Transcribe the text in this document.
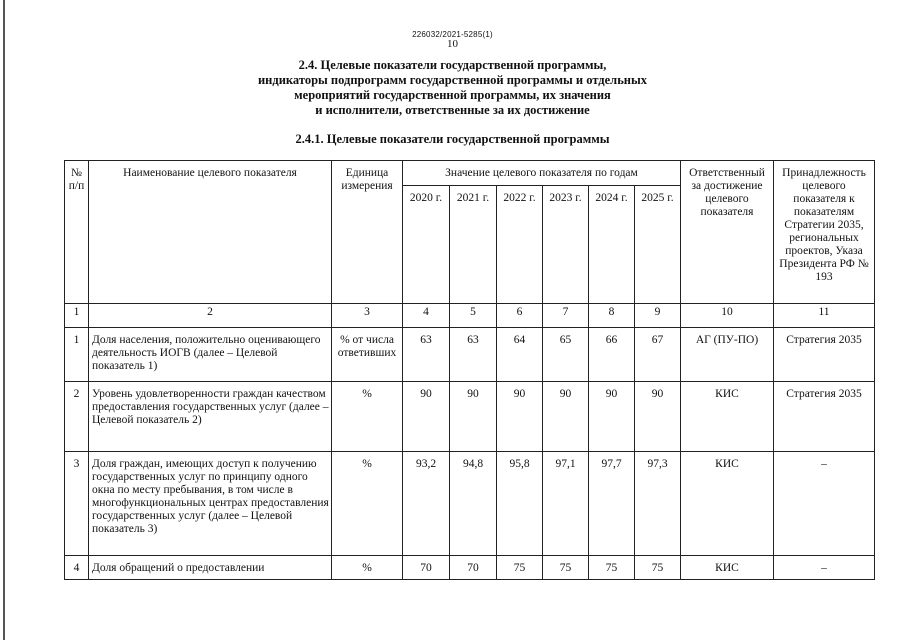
226032/2021-5285(1)
10
2.4. Целевые показатели государственной программы,
индикаторы подпрограмм государственной программы и отдельных
мероприятий государственной программы, их значения
и исполнители, ответственные за их достижение
2.4.1. Целевые показатели государственной программы
№ п/п	Наименование целевого показателя	Единица измерения	Значение целевого показателя по годам						Ответственный за достижение целевого показателя	Принадлежность целевого показателя к показателям Стратегии 2035, региональных проектов, Указа Президента РФ № 193
			2020 г.	2021 г.	2022 г.	2023 г.	2024 г.	2025 г.		
1	2	3	4	5	6	7	8	9	10	11
1	Доля населения, положительно оценивающего деятельность ИОГВ (далее – Целевой показатель 1)	% от числа ответивших	63	63	64	65	66	67	АГ (ПУ-ПО)	Стратегия 2035
2	Уровень удовлетворенности граждан качеством предоставления государственных услуг (далее – Целевой показатель 2)	%	90	90	90	90	90	90	КИС	Стратегия 2035
3	Доля граждан, имеющих доступ к получению государственных услуг по принципу одного окна по месту пребывания, в том числе в многофункциональных центрах предоставления государственных услуг (далее – Целевой показатель 3)	%	93,2	94,8	95,8	97,1	97,7	97,3	КИС	–
4	Доля обращений о предоставлении	%	70	70	75	75	75	75	КИС	–
